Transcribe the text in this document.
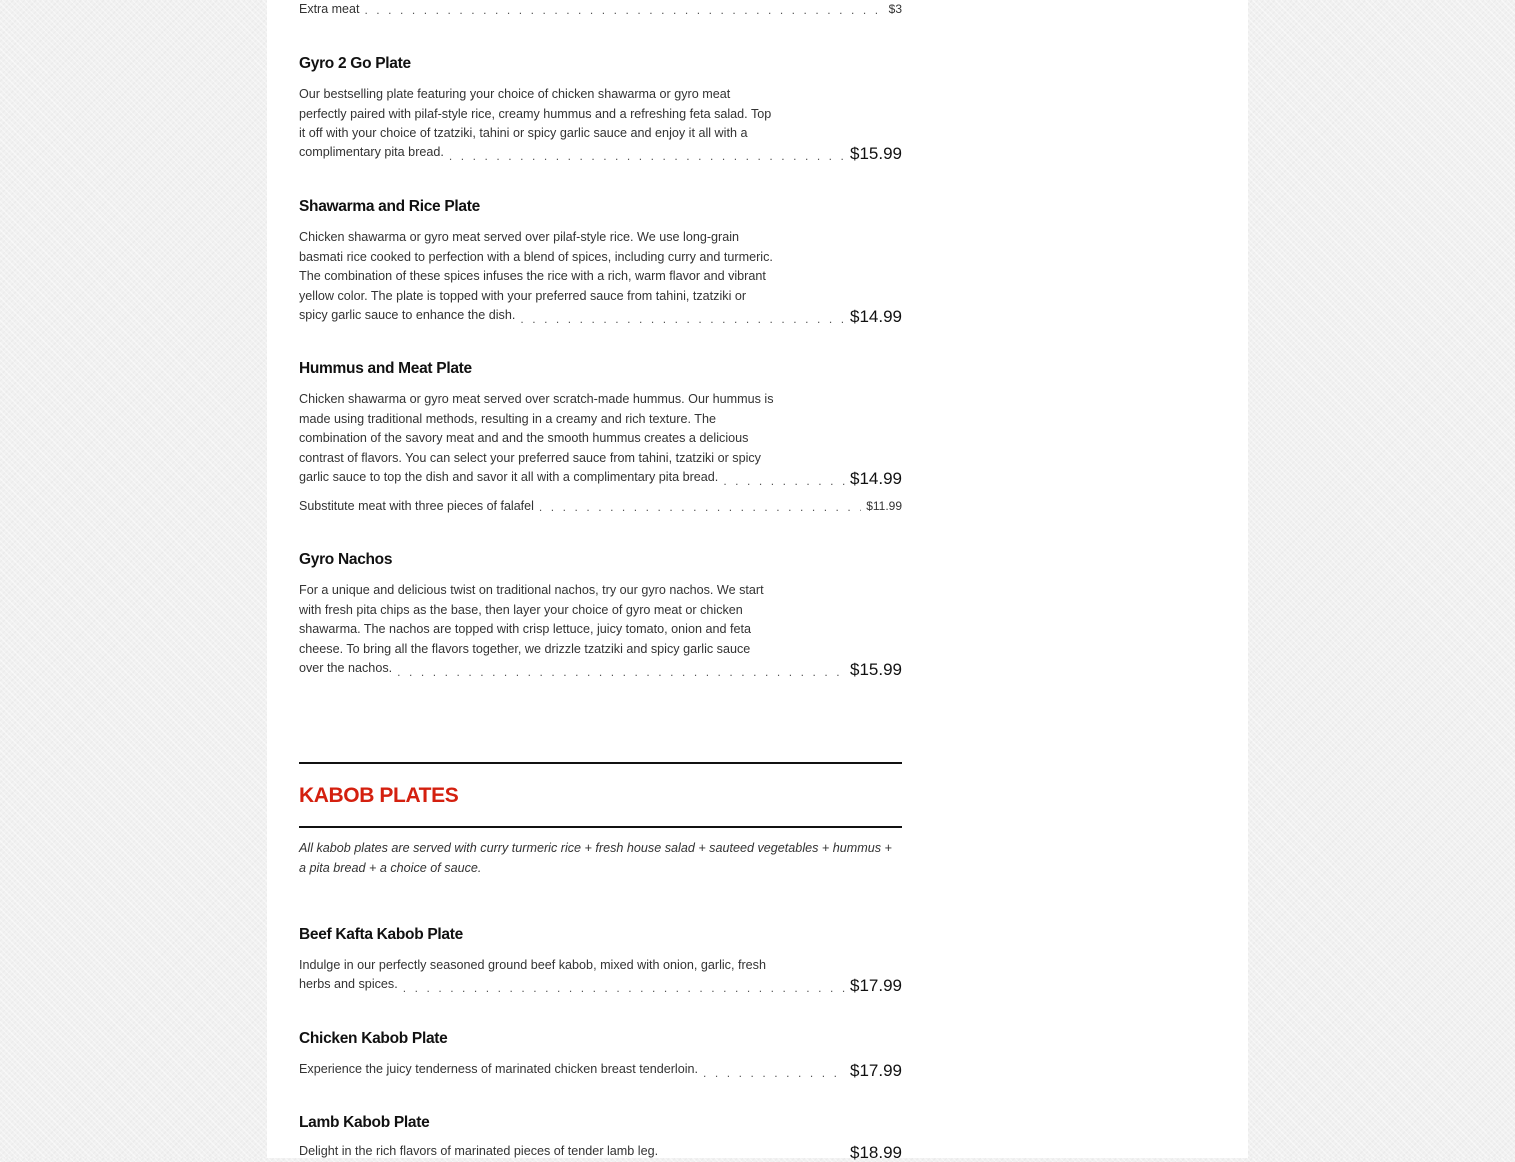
Extra meat . . .	$3
Gyro 2 Go Plate
Our bestselling plate featuring your choice of chicken shawarma or gyro meat
perfectly paired with pilaf-style rice, creamy hummus and a refreshing feta salad. Top
it off with your choice of tzatziki, tahini or spicy garlic sauce and enjoy it all with a
complimentary pita bread. . . .	$15.99
Shawarma and Rice Plate
Chicken shawarma or gyro meat served over pilaf-style rice. We use long-grain
basmati rice cooked to perfection with a blend of spices, including curry and turmeric.
The combination of these spices infuses the rice with a rich, warm flavor and vibrant
yellow color. The plate is topped with your preferred sauce from tahini, tzatziki or
spicy garlic sauce to enhance the dish. . . .	$14.99
Hummus and Meat Plate
Chicken shawarma or gyro meat served over scratch-made hummus. Our hummus is
made using traditional methods, resulting in a creamy and rich texture. The
combination of the savory meat and and the smooth hummus creates a delicious
contrast of flavors. You can select your preferred sauce from tahini, tzatziki or spicy
garlic sauce to top the dish and savor it all with a complimentary pita bread. . . .	$14.99
Substitute meat with three pieces of falafel . . .	$11.99
Gyro Nachos
For a unique and delicious twist on traditional nachos, try our gyro nachos. We start
with fresh pita chips as the base, then layer your choice of gyro meat or chicken
shawarma. The nachos are topped with crisp lettuce, juicy tomato, onion and feta
cheese. To bring all the flavors together, we drizzle tzatziki and spicy garlic sauce
over the nachos. . . .	$15.99
KABOB PLATES
All kabob plates are served with curry turmeric rice + fresh house salad + sauteed vegetables + hummus + a pita bread + a choice of sauce.
Beef Kafta Kabob Plate
Indulge in our perfectly seasoned ground beef kabob, mixed with onion, garlic, fresh
herbs and spices. . . .	$17.99
Chicken Kabob Plate
Experience the juicy tenderness of marinated chicken breast tenderloin. . . .	$17.99
Lamb Kabob Plate
Delight in the rich flavors of marinated pieces of tender lamb leg.	$18.99
